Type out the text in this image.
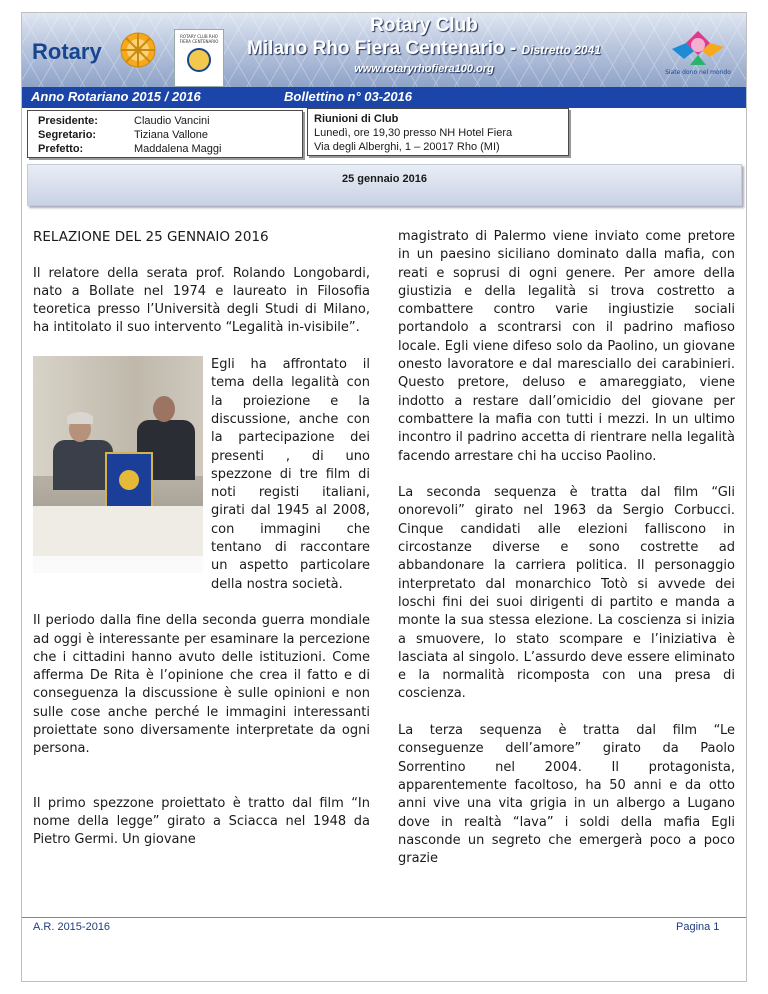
Rotary
ROTARY CLUB RHO FIERA CENTENARIO
Rotary Club
Milano Rho Fiera Centenario - Distretto 2041
www.rotaryrhofiera100.org	Siate dono nel mondo
Anno Rotariano 2015 / 2016	Bollettino n° 03-2016
Presidente:	Claudio Vancini
Segretario:	Tiziana Vallone
Prefetto:	Maddalena Maggi
Riunioni di Club
Lunedì, ore 19,30 presso NH Hotel Fiera
Via degli Alberghi, 1 – 20017 Rho (MI)
25 gennaio 2016

RELAZIONE DEL 25 GENNAIO 2016

Il relatore della serata prof. Rolando Longobardi, nato a Bollate nel 1974 e laureato in Filosofia teoretica presso l’Università degli Studi di Milano, ha intitolato il suo intervento “Legalità in-visibile”.

Egli ha affrontato il tema della legalità con la proiezione e la discussione, anche con la partecipazione dei presenti , di uno spezzone di tre film di noti registi italiani, girati dal 1945 al 2008, con immagini che tentano di raccontare un aspetto particolare della nostra società.

Il periodo dalla fine della seconda guerra mondiale ad oggi è interessante per esaminare la percezione che i cittadini hanno avuto delle istituzioni. Come afferma De Rita è l’opinione che crea il fatto e di conseguenza la discussione è sulle opinioni e non sulle cose anche perché le immagini interessanti proiettate sono diversamente interpretate da ogni persona.

Il primo spezzone proiettato è tratto dal film “In nome della legge” girato a Sciacca nel 1948 da Pietro Germi. Un giovane

magistrato di Palermo viene inviato come pretore in un paesino siciliano dominato dalla mafia, con reati e soprusi di ogni genere. Per amore della giustizia e della legalità si trova costretto a combattere contro varie ingiustizie sociali portandolo a scontrarsi con il padrino mafioso locale. Egli viene difeso solo da Paolino, un giovane onesto lavoratore e dal maresciallo dei carabinieri. Questo pretore, deluso e amareggiato, viene indotto a restare dall’omicidio del giovane per combattere la mafia con tutti i mezzi. In un ultimo incontro il padrino accetta di rientrare nella legalità facendo arrestare chi ha ucciso Paolino.

La seconda sequenza è tratta dal film “Gli onorevoli” girato nel 1963 da Sergio Corbucci. Cinque candidati alle elezioni falliscono in circostanze diverse e sono costrette ad abbandonare la carriera politica. Il personaggio interpretato dal monarchico Totò si avvede dei loschi fini dei suoi dirigenti di partito e manda a monte la sua stessa elezione. La coscienza si inizia a smuovere, lo stato scompare e l’iniziativa è lasciata al singolo. L’assurdo deve essere eliminato e la normalità ricomposta con una presa di coscienza.

La terza sequenza è tratta dal film “Le conseguenze dell’amore” girato da Paolo Sorrentino nel 2004. Il protagonista, apparentemente facoltoso, ha 50 anni e da otto anni vive una vita grigia in un albergo a Lugano dove in realtà “lava” i soldi della mafia Egli nasconde un segreto che emergerà poco a poco grazie

A.R. 2015-2016	Pagina 1
